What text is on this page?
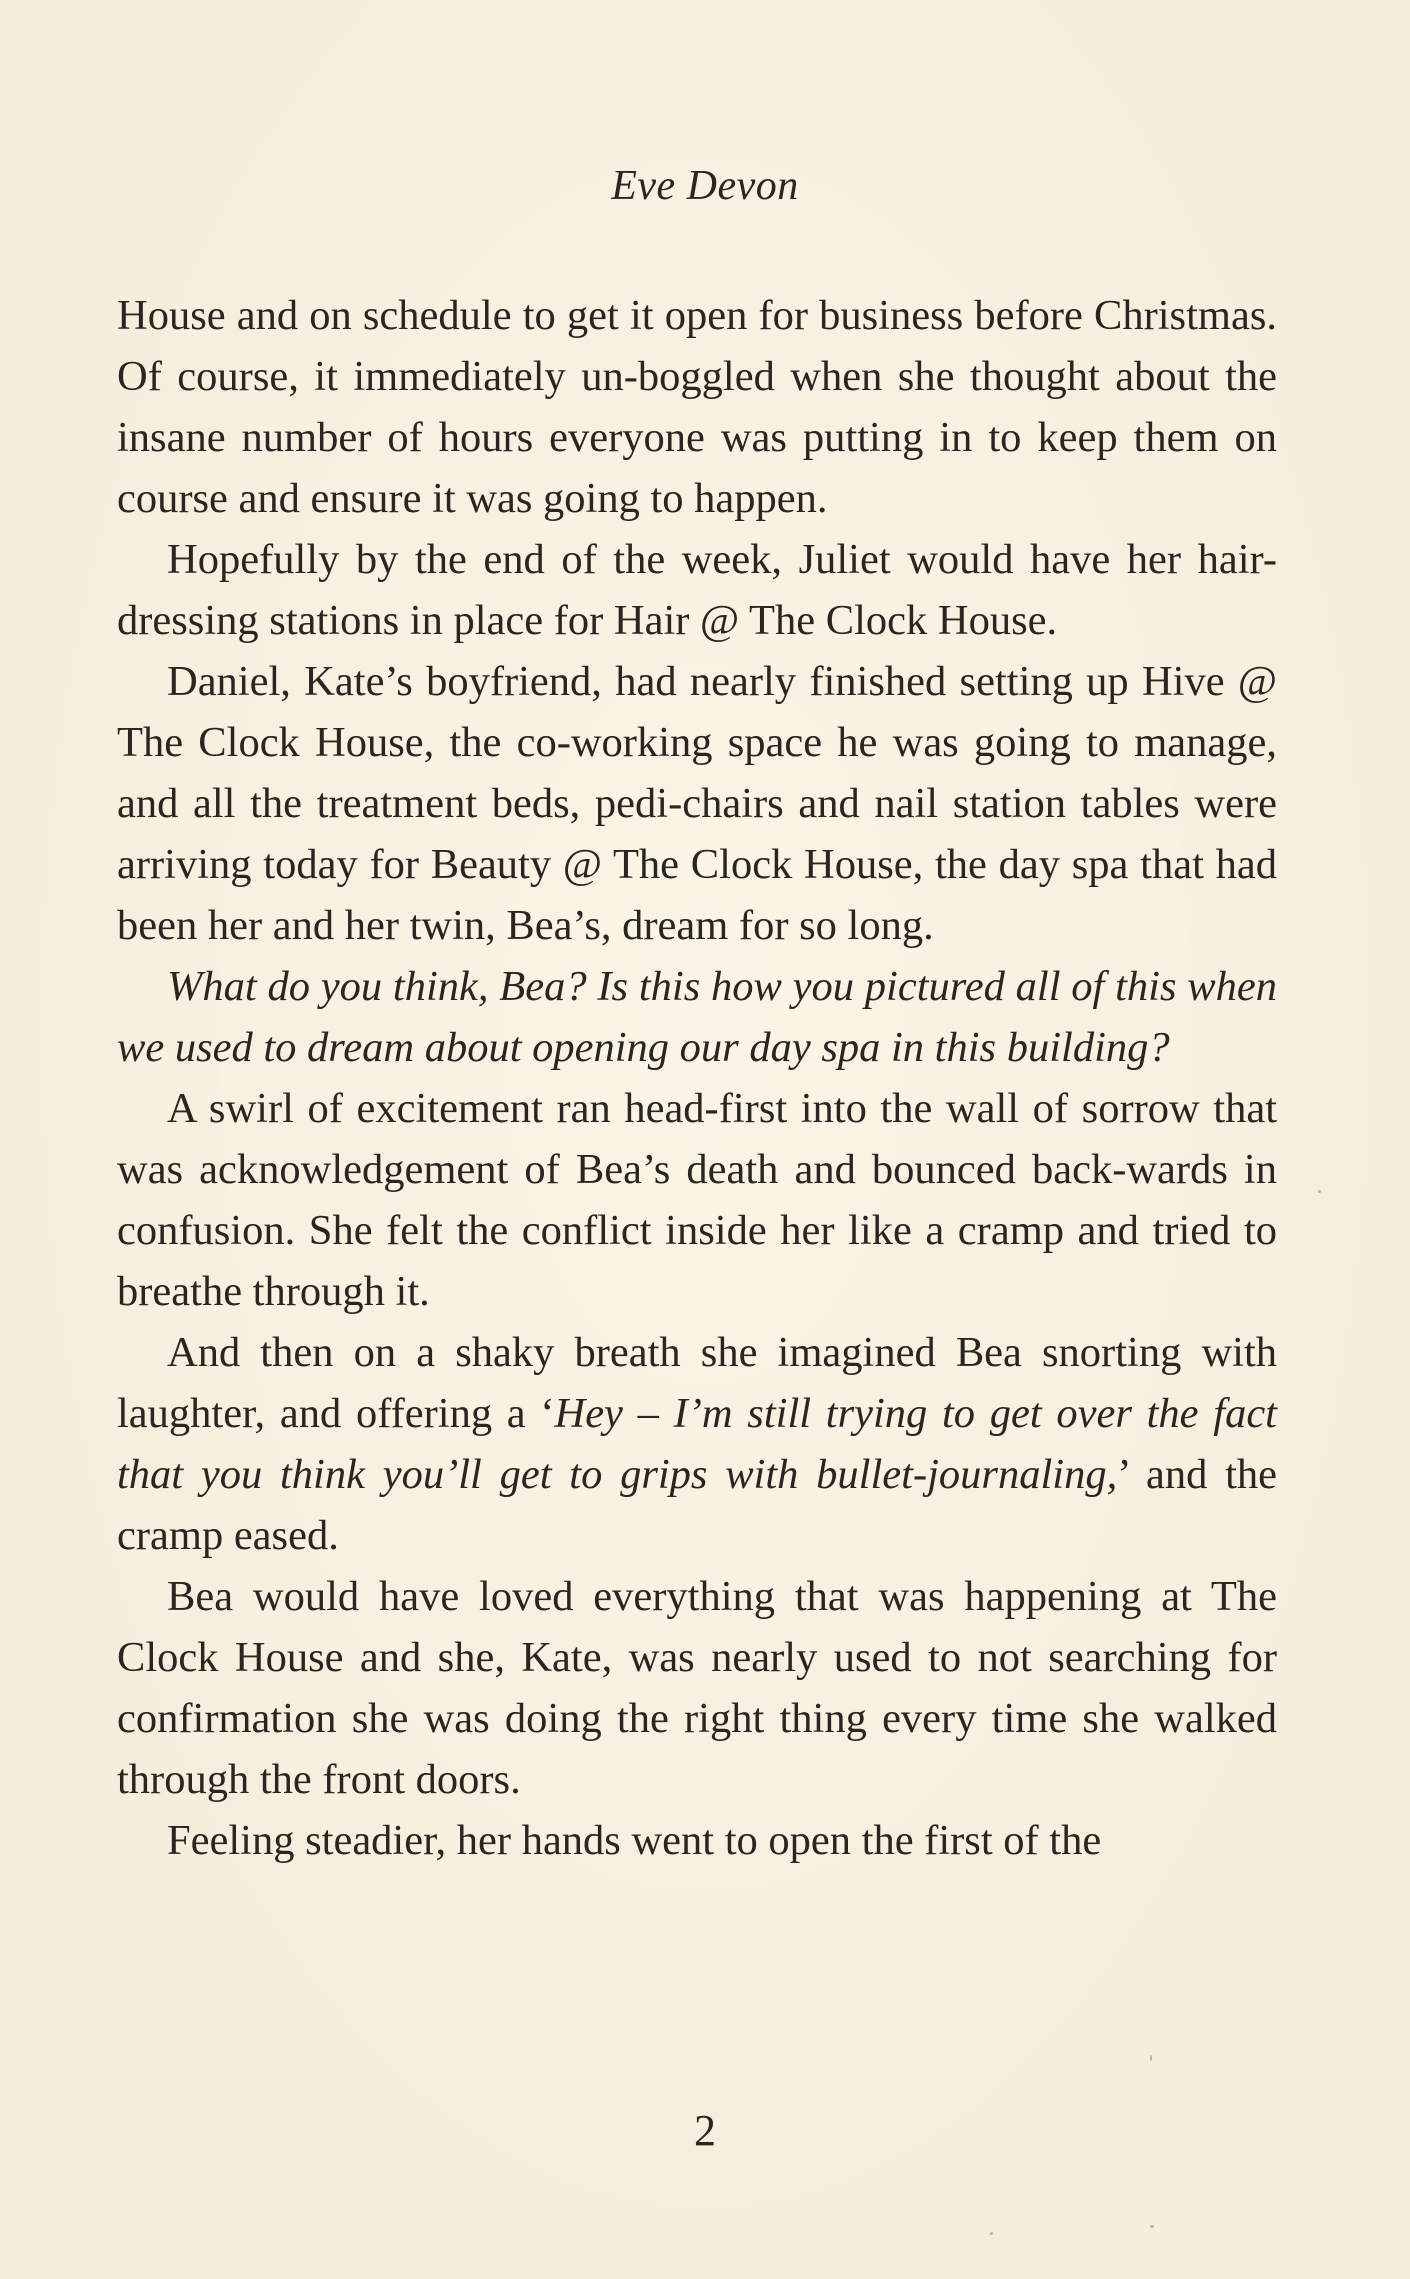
Eve Devon

House and on schedule to get it open for business before Christmas. Of course, it immediately un-boggled when she thought about the insane number of hours everyone was putting in to keep them on course and ensure it was going to happen.

Hopefully by the end of the week, Juliet would have her hair-dressing stations in place for Hair @ The Clock House.

Daniel, Kate’s boyfriend, had nearly finished setting up Hive @ The Clock House, the co-working space he was going to manage, and all the treatment beds, pedi-chairs and nail station tables were arriving today for Beauty @ The Clock House, the day spa that had been her and her twin, Bea’s, dream for so long.

What do you think, Bea? Is this how you pictured all of this when we used to dream about opening our day spa in this building?

A swirl of excitement ran head-first into the wall of sorrow that was acknowledgement of Bea’s death and bounced back-wards in confusion. She felt the conflict inside her like a cramp and tried to breathe through it.

And then on a shaky breath she imagined Bea snorting with laughter, and offering a ‘Hey – I’m still trying to get over the fact that you think you’ll get to grips with bullet-journaling,’ and the cramp eased.

Bea would have loved everything that was happening at The Clock House and she, Kate, was nearly used to not searching for confirmation she was doing the right thing every time she walked through the front doors.

Feeling steadier, her hands went to open the first of the

2
